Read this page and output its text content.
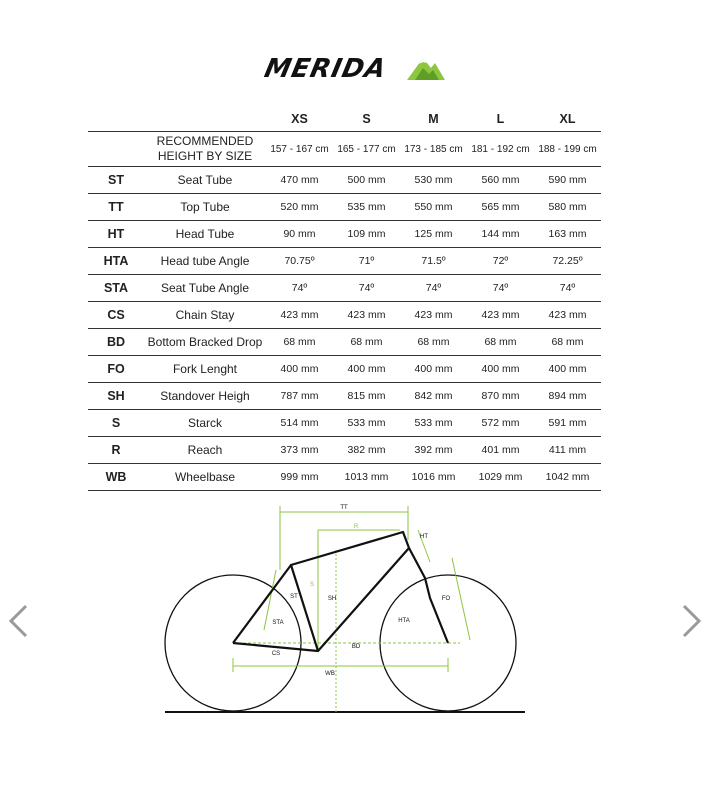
MERIDA
		XS	S	M	L	XL
	RECOMMENDED HEIGHT BY SIZE	157 - 167 cm	165 - 177 cm	173 - 185 cm	181 - 192 cm	188 - 199 cm
ST	Seat Tube	470 mm	500 mm	530 mm	560 mm	590 mm
TT	Top Tube	520 mm	535 mm	550 mm	565 mm	580 mm
HT	Head Tube	90 mm	109 mm	125 mm	144 mm	163 mm
HTA	Head tube Angle	70.75º	71º	71.5º	72º	72.25º
STA	Seat Tube Angle	74º	74º	74º	74º	74º
CS	Chain Stay	423 mm	423 mm	423 mm	423 mm	423 mm
BD	Bottom Bracked Drop	68 mm	68 mm	68 mm	68 mm	68 mm
FO	Fork Lenght	400 mm	400 mm	400 mm	400 mm	400 mm
SH	Standover Heigh	787 mm	815 mm	842 mm	870 mm	894 mm
S	Starck	514 mm	533 mm	533 mm	572 mm	591 mm
R	Reach	373 mm	382 mm	392 mm	401 mm	411 mm
WB	Wheelbase	999 mm	1013 mm	1016 mm	1029 mm	1042 mm
TT
R
HT
ST
S
SH
STA	HTA
FO
CS
BD
WB
